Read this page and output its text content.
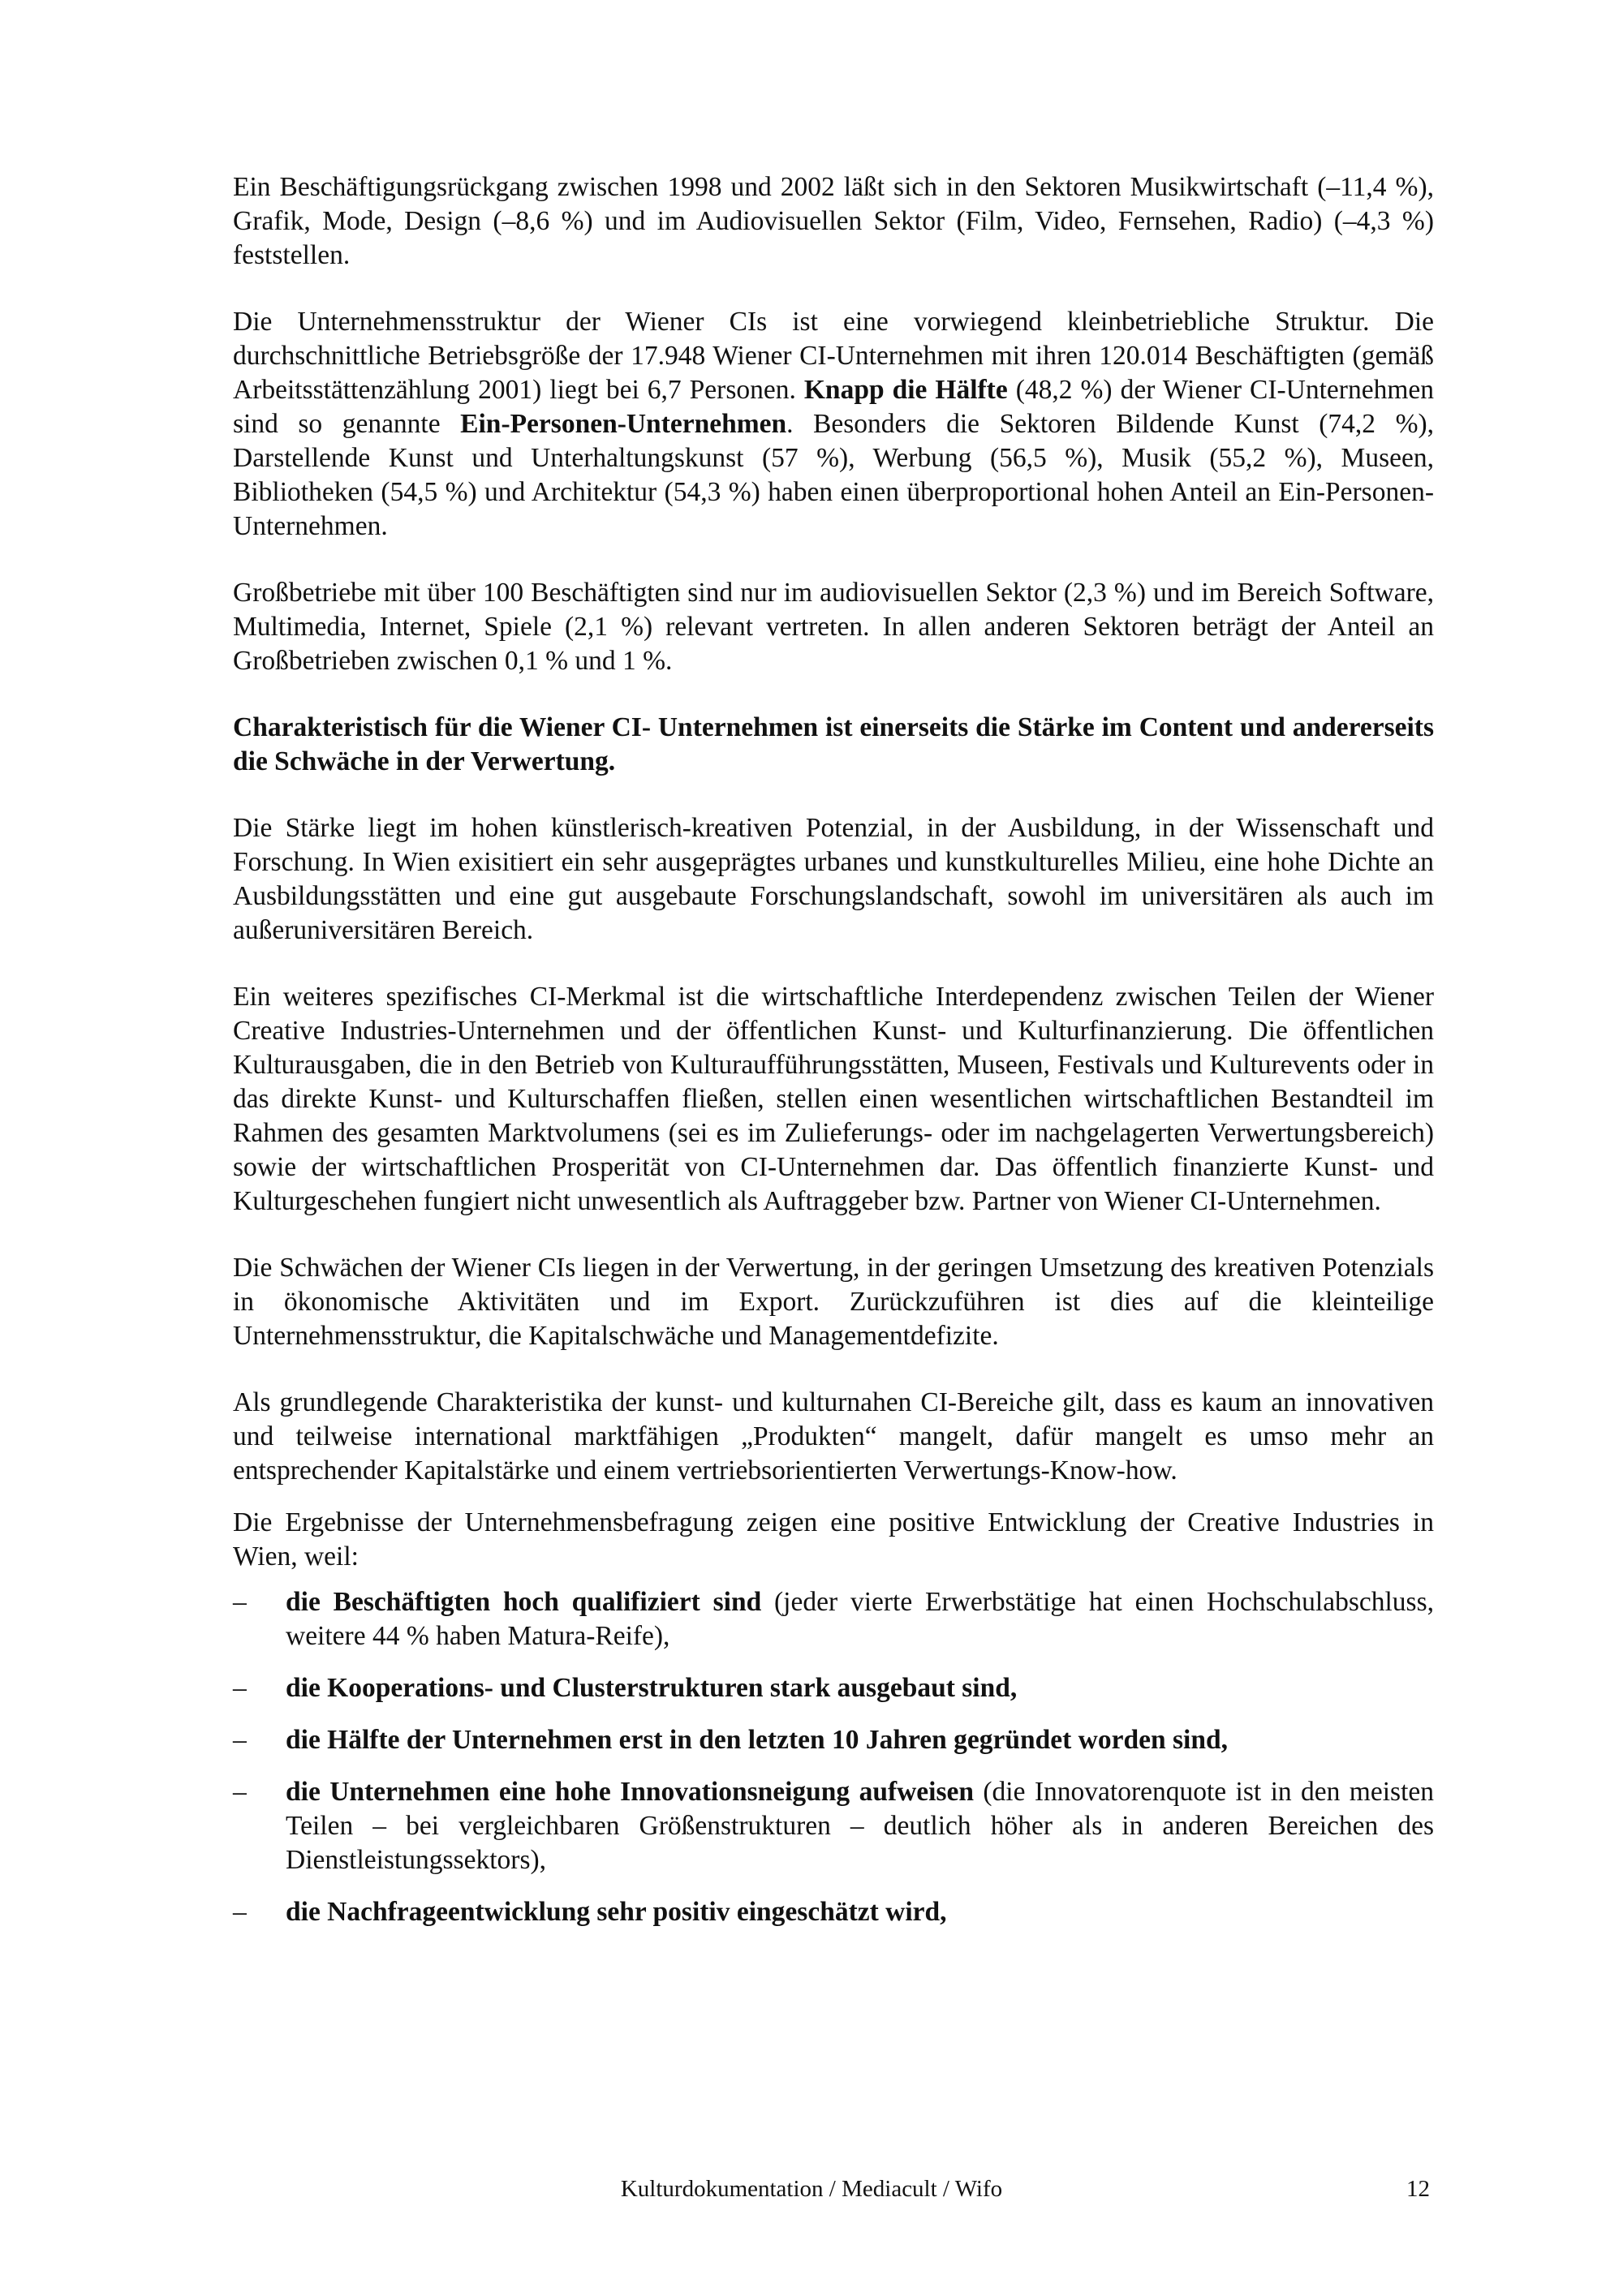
Ein Beschäftigungsrückgang zwischen 1998 und 2002 läßt sich in den Sektoren Musikwirtschaft (–11,4 %), Grafik, Mode, Design (–8,6 %) und im Audiovisuellen Sektor (Film, Video, Fernsehen, Radio) (–4,3 %) feststellen.

Die Unternehmensstruktur der Wiener CIs ist eine vorwiegend kleinbetriebliche Struktur. Die durchschnittliche Betriebsgröße der 17.948 Wiener CI-Unternehmen mit ihren 120.014 Beschäftigten (gemäß Arbeitsstättenzählung 2001) liegt bei 6,7 Personen. Knapp die Hälfte (48,2 %) der Wiener CI-Unternehmen sind so genannte Ein-Personen-Unternehmen. Besonders die Sektoren Bildende Kunst (74,2 %), Darstellende Kunst und Unterhaltungskunst (57 %), Werbung (56,5 %), Musik (55,2 %), Museen, Bibliotheken (54,5 %) und Architektur (54,3 %) haben einen überproportional hohen Anteil an Ein-Personen-Unternehmen.

Großbetriebe mit über 100 Beschäftigten sind nur im audiovisuellen Sektor (2,3 %) und im Bereich Software, Multimedia, Internet, Spiele (2,1 %) relevant vertreten. In allen anderen Sektoren beträgt der Anteil an Großbetrieben zwischen 0,1 % und 1 %.

Charakteristisch für die Wiener CI- Unternehmen ist einerseits die Stärke im Content und andererseits die Schwäche in der Verwertung.

Die Stärke liegt im hohen künstlerisch-kreativen Potenzial, in der Ausbildung, in der Wissenschaft und Forschung. In Wien exisitiert ein sehr ausgeprägtes urbanes und kunstkulturelles Milieu, eine hohe Dichte an Ausbildungsstätten und eine gut ausgebaute Forschungslandschaft, sowohl im universitären als auch im außeruniversitären Bereich.

Ein weiteres spezifisches CI-Merkmal ist die wirtschaftliche Interdependenz zwischen Teilen der Wiener Creative Industries-Unternehmen und der öffentlichen Kunst- und Kulturfinanzierung. Die öffentlichen Kulturausgaben, die in den Betrieb von Kulturaufführungsstätten, Museen, Festivals und Kulturevents oder in das direkte Kunst- und Kulturschaffen fließen, stellen einen wesentlichen wirtschaftlichen Bestandteil im Rahmen des gesamten Marktvolumens (sei es im Zulieferungs- oder im nachgelagerten Verwertungsbereich) sowie der wirtschaftlichen Prosperität von CI-Unternehmen dar. Das öffentlich finanzierte Kunst- und Kulturgeschehen fungiert nicht unwesentlich als Auftraggeber bzw. Partner von Wiener CI-Unternehmen.

Die Schwächen der Wiener CIs liegen in der Verwertung, in der geringen Umsetzung des kreativen Potenzials in ökonomische Aktivitäten und im Export. Zurückzuführen ist dies auf die kleinteilige Unternehmensstruktur, die Kapitalschwäche und Managementdefizite.

Als grundlegende Charakteristika der kunst- und kulturnahen CI-Bereiche gilt, dass es kaum an innovativen und teilweise international marktfähigen „Produkten“ mangelt, dafür mangelt es umso mehr an entsprechender Kapitalstärke und einem vertriebsorientierten Verwertungs-Know-how.

Die Ergebnisse der Unternehmensbefragung zeigen eine positive Entwicklung der Creative Industries in Wien, weil:

– die Beschäftigten hoch qualifiziert sind (jeder vierte Erwerbstätige hat einen Hochschulabschluss, weitere 44 % haben Matura-Reife),
– die Kooperations- und Clusterstrukturen stark ausgebaut sind,
– die Hälfte der Unternehmen erst in den letzten 10 Jahren gegründet worden sind,
– die Unternehmen eine hohe Innovationsneigung aufweisen (die Innovatorenquote ist in den meisten Teilen – bei vergleichbaren Größenstrukturen – deutlich höher als in anderen Bereichen des Dienstleistungssektors),
– die Nachfrageentwicklung sehr positiv eingeschätzt wird,
Kulturdokumentation / Mediacult / Wifo	12
